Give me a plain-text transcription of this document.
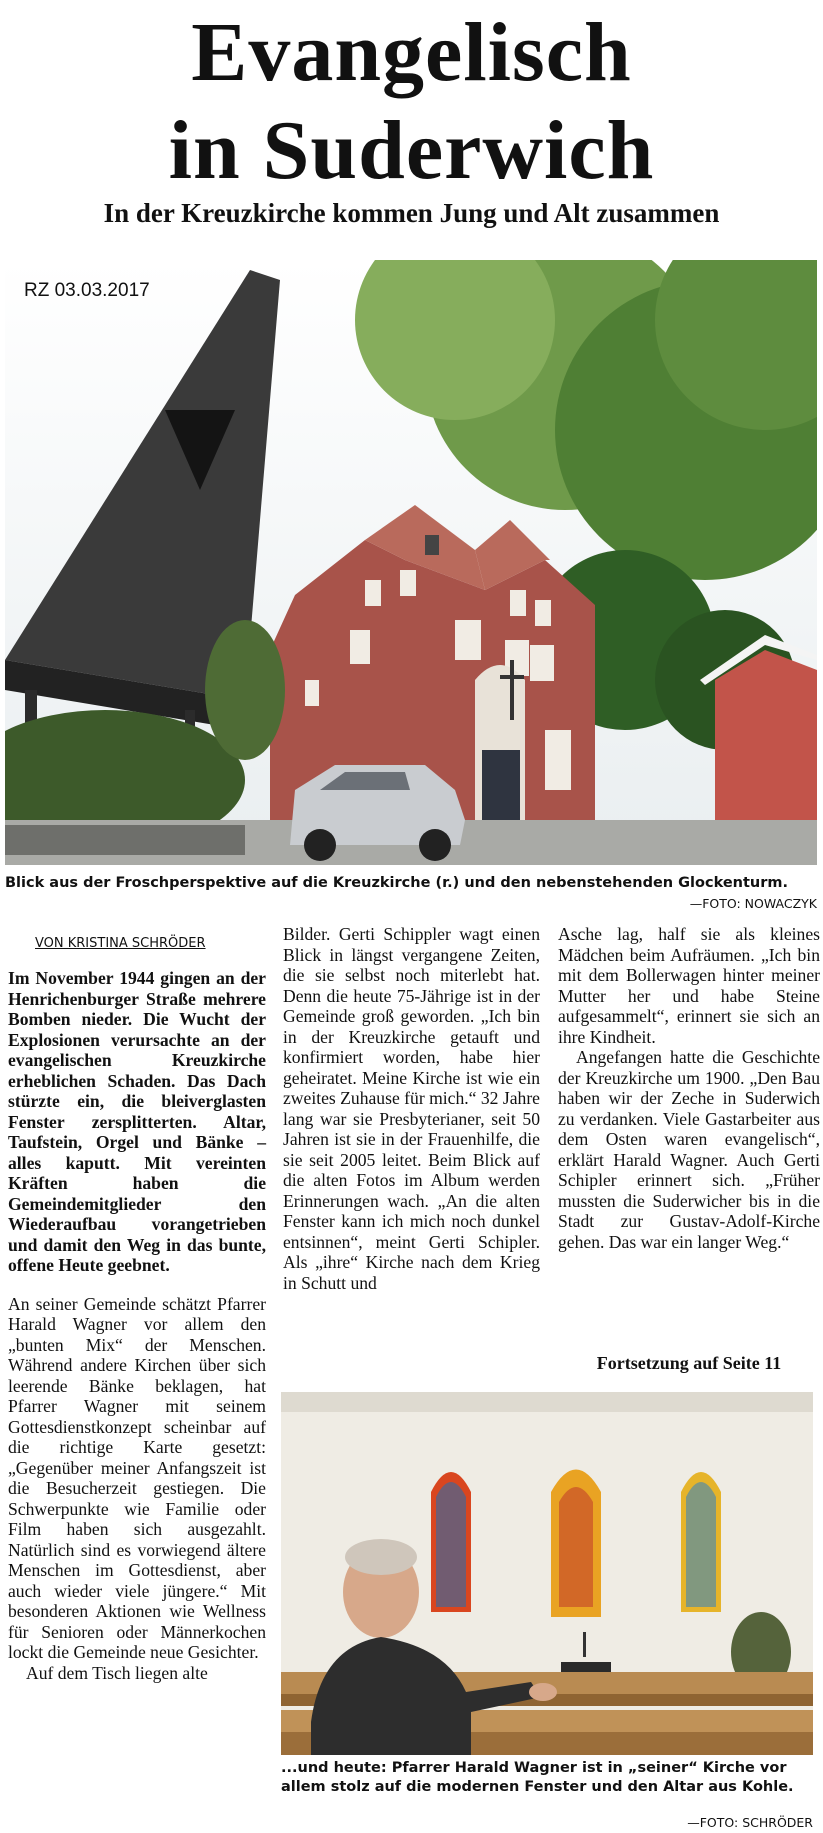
Evangelisch
in Suderwich
In der Kreuzkirche kommen Jung und Alt zusammen
RZ 03.03.2017
Blick aus der Froschperspektive auf die Kreuzkirche (r.) und den nebenstehenden Glockenturm.
—FOTO: NOWACZYK
VON KRISTINA SCHRÖDER

Im November 1944 gingen an der Henrichenburger Straße mehrere Bomben nieder. Die Wucht der Explosionen verursachte an der evangelischen Kreuzkirche erheblichen Schaden. Das Dach stürzte ein, die bleiverglasten Fenster zersplitterten. Altar, Taufstein, Orgel und Bänke – alles kaputt. Mit vereinten Kräften haben die Gemeindemitglieder den Wiederaufbau vorangetrieben und damit den Weg in das bunte, offene Heute geebnet.

An seiner Gemeinde schätzt Pfarrer Harald Wagner vor allem den „bunten Mix“ der Menschen. Während andere Kirchen über sich leerende Bänke beklagen, hat Pfarrer Wagner mit seinem Gottesdienstkonzept scheinbar auf die richtige Karte gesetzt: „Gegenüber meiner Anfangszeit ist die Besucherzeit gestiegen. Die Schwerpunkte wie Familie oder Film haben sich ausgezahlt. Natürlich sind es vorwiegend ältere Menschen im Gottesdienst, aber auch wieder viele jüngere.“ Mit besonderen Aktionen wie Wellness für Senioren oder Männerkochen lockt die Gemeinde neue Gesichter.

Auf dem Tisch liegen alte

Bilder. Gerti Schippler wagt einen Blick in längst vergangene Zeiten, die sie selbst noch miterlebt hat. Denn die heute 75-Jährige ist in der Gemeinde groß geworden. „Ich bin in der Kreuzkirche getauft und konfirmiert worden, habe hier geheiratet. Meine Kirche ist wie ein zweites Zuhause für mich.“ 32 Jahre lang war sie Presbyterianer, seit 50 Jahren ist sie in der Frauenhilfe, die sie seit 2005 leitet. Beim Blick auf die alten Fotos im Album werden Erinnerungen wach. „An die alten Fenster kann ich mich noch dunkel entsinnen“, meint Gerti Schipler. Als „ihre“ Kirche nach dem Krieg in Schutt und

Asche lag, half sie als kleines Mädchen beim Aufräumen. „Ich bin mit dem Bollerwagen hinter meiner Mutter her und habe Steine aufgesammelt“, erinnert sie sich an ihre Kindheit.

Angefangen hatte die Geschichte der Kreuzkirche um 1900. „Den Bau haben wir der Zeche in Suderwich zu verdanken. Viele Gastarbeiter aus dem Osten waren evangelisch“, erklärt Harald Wagner. Auch Gerti Schipler erinnert sich. „Früher mussten die Suderwicher bis in die Stadt zur Gustav-Adolf-Kirche gehen. Das war ein langer Weg.“

Fortsetzung auf Seite 11
...und heute: Pfarrer Harald Wagner ist in „seiner“ Kirche vor allem stolz auf die modernen Fenster und den Altar aus Kohle.
—FOTO: SCHRÖDER
